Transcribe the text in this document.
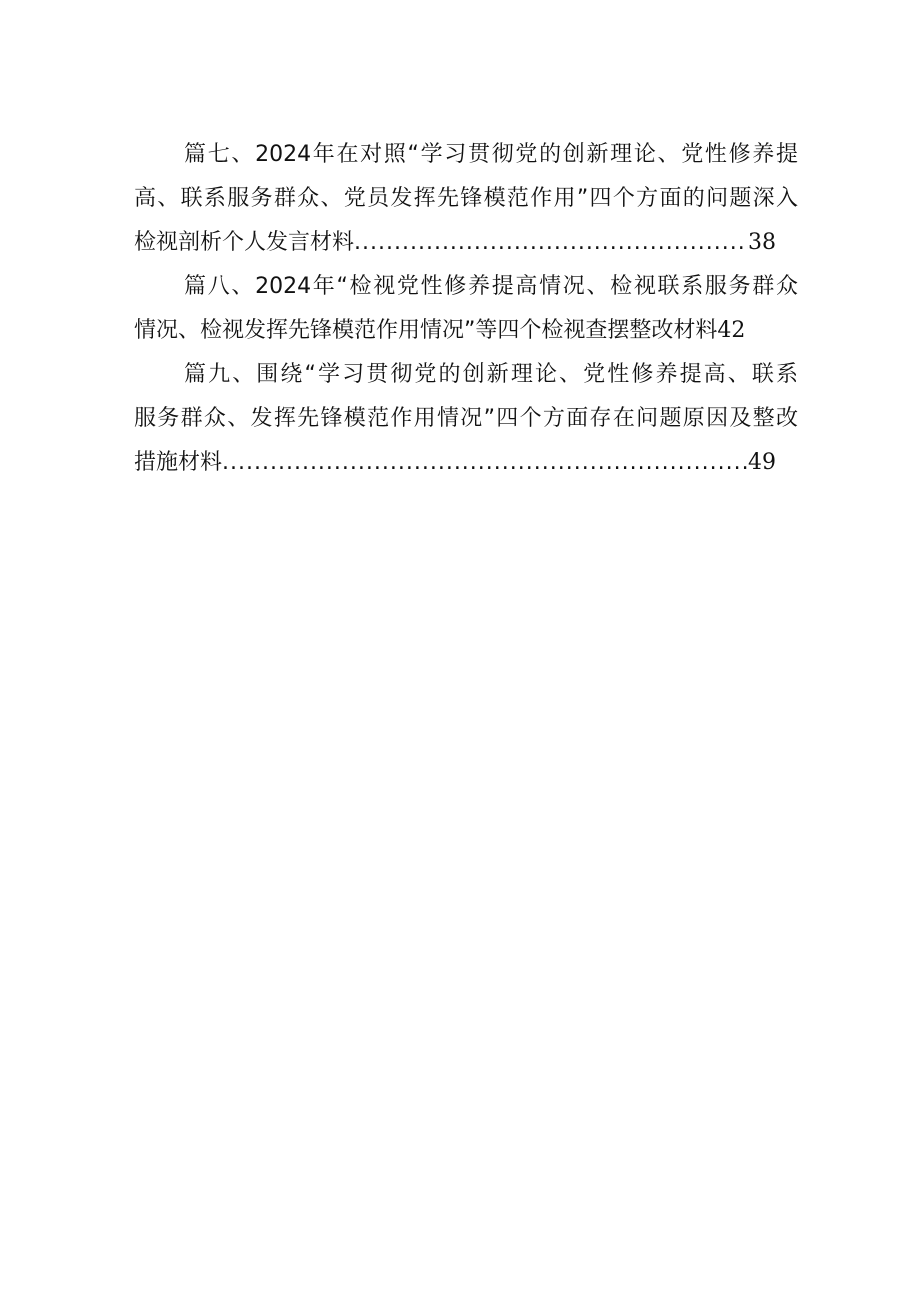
篇七、2024年在对照“学习贯彻党的创新理论、党性修养提
高、联系服务群众、党员发挥先锋模范作用”四个方面的问题深入
检视剖析个人发言材料 .....	38
篇八、2024年“检视党性修养提高情况、检视联系服务群众
情况、检视发挥先锋模范作用情况”等四个检视查摆整改材料 42
篇九、围绕“学习贯彻党的创新理论、党性修养提高、联系
服务群众、发挥先锋模范作用情况”四个方面存在问题原因及整改
措施材料 .....	49
